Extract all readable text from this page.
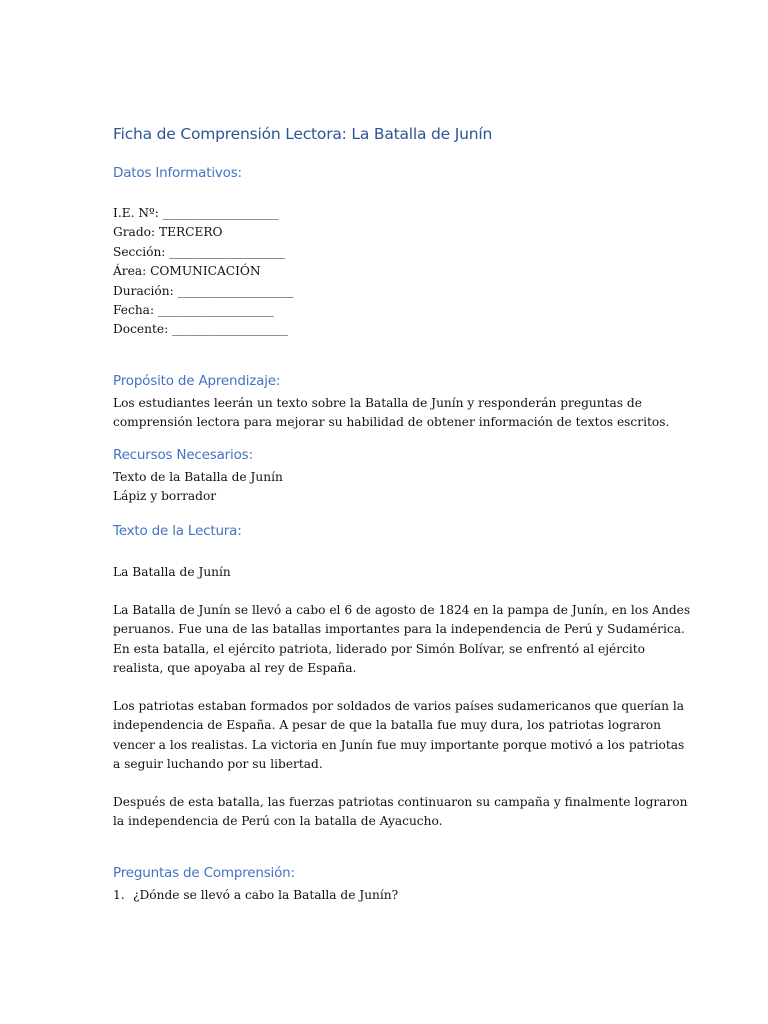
Ficha de Comprensión Lectora: La Batalla de Junín
Datos Informativos:
I.E. Nº: ___________________
Grado: TERCERO
Sección: ___________________
Área: COMUNICACIÓN
Duración: ___________________
Fecha: ___________________
Docente: ___________________
Propósito de Aprendizaje:
Los estudiantes leerán un texto sobre la Batalla de Junín y responderán preguntas de
comprensión lectora para mejorar su habilidad de obtener información de textos escritos.
Recursos Necesarios:
Texto de la Batalla de Junín
Lápiz y borrador
Texto de la Lectura:
La Batalla de Junín
La Batalla de Junín se llevó a cabo el 6 de agosto de 1824 en la pampa de Junín, en los Andes
peruanos. Fue una de las batallas importantes para la independencia de Perú y Sudamérica.
En esta batalla, el ejército patriota, liderado por Simón Bolívar, se enfrentó al ejército
realista, que apoyaba al rey de España.
Los patriotas estaban formados por soldados de varios países sudamericanos que querían la
independencia de España. A pesar de que la batalla fue muy dura, los patriotas lograron
vencer a los realistas. La victoria en Junín fue muy importante porque motivó a los patriotas
a seguir luchando por su libertad.
Después de esta batalla, las fuerzas patriotas continuaron su campaña y finalmente lograron
la independencia de Perú con la batalla de Ayacucho.
Preguntas de Comprensión:
1. ¿Dónde se llevó a cabo la Batalla de Junín?
